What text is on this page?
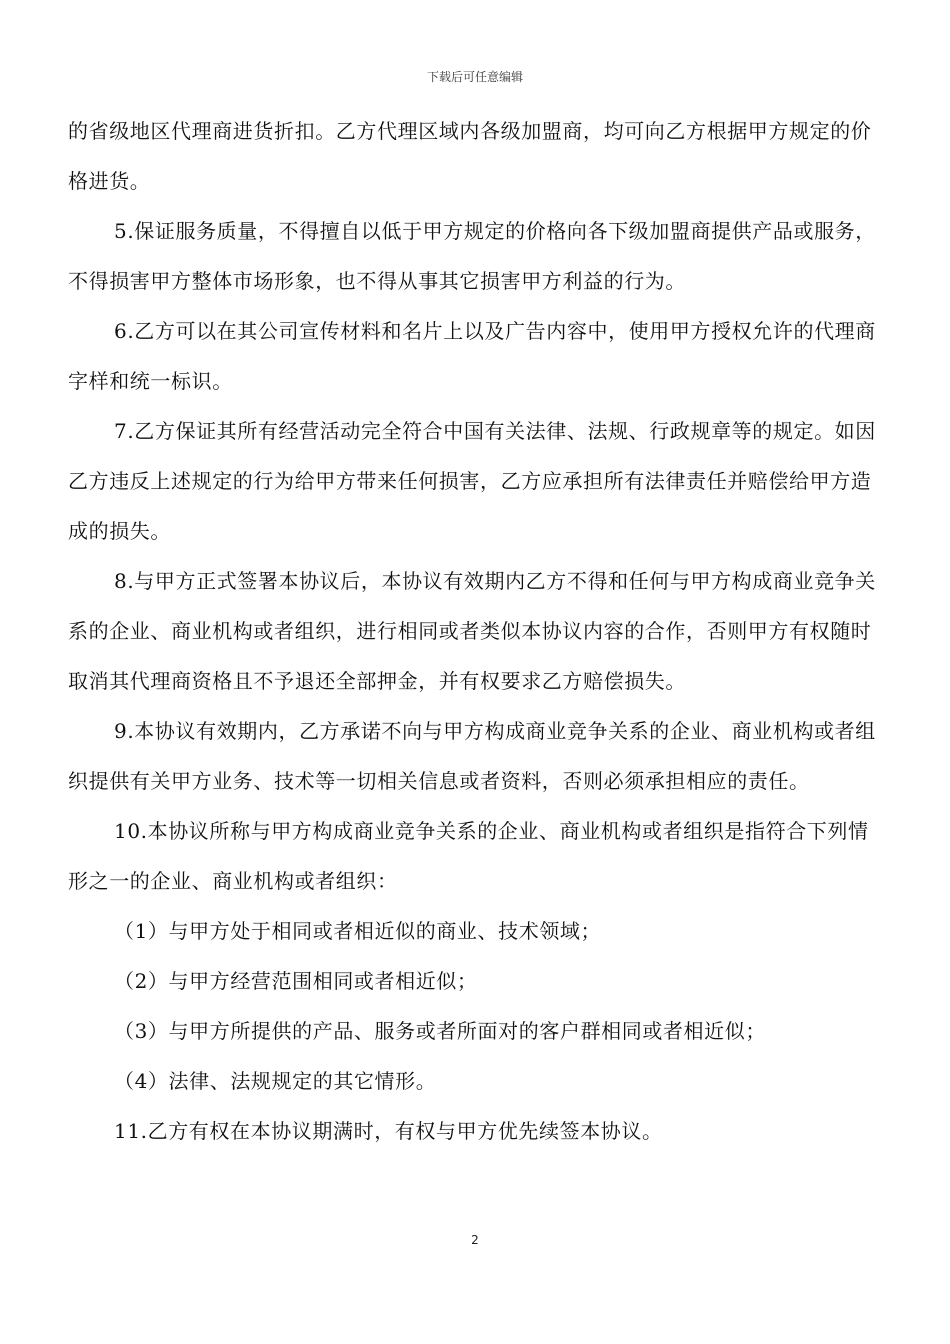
下载后可任意编辑

的省级地区代理商进货折扣。乙方代理区域内各级加盟商，均可向乙方根据甲方规定的价格进货。

5.保证服务质量，不得擅自以低于甲方规定的价格向各下级加盟商提供产品或服务，不得损害甲方整体市场形象，也不得从事其它损害甲方利益的行为。

6.乙方可以在其公司宣传材料和名片上以及广告内容中，使用甲方授权允许的代理商字样和统一标识。

7.乙方保证其所有经营活动完全符合中国有关法律、法规、行政规章等的规定。如因乙方违反上述规定的行为给甲方带来任何损害，乙方应承担所有法律责任并赔偿给甲方造成的损失。

8.与甲方正式签署本协议后，本协议有效期内乙方不得和任何与甲方构成商业竞争关系的企业、商业机构或者组织，进行相同或者类似本协议内容的合作，否则甲方有权随时取消其代理商资格且不予退还全部押金，并有权要求乙方赔偿损失。

9.本协议有效期内，乙方承诺不向与甲方构成商业竞争关系的企业、商业机构或者组织提供有关甲方业务、技术等一切相关信息或者资料，否则必须承担相应的责任。

10.本协议所称与甲方构成商业竞争关系的企业、商业机构或者组织是指符合下列情形之一的企业、商业机构或者组织：

（1）与甲方处于相同或者相近似的商业、技术领域；

（2）与甲方经营范围相同或者相近似；

（3）与甲方所提供的产品、服务或者所面对的客户群相同或者相近似；

（4）法律、法规规定的其它情形。

11.乙方有权在本协议期满时，有权与甲方优先续签本协议。

2
